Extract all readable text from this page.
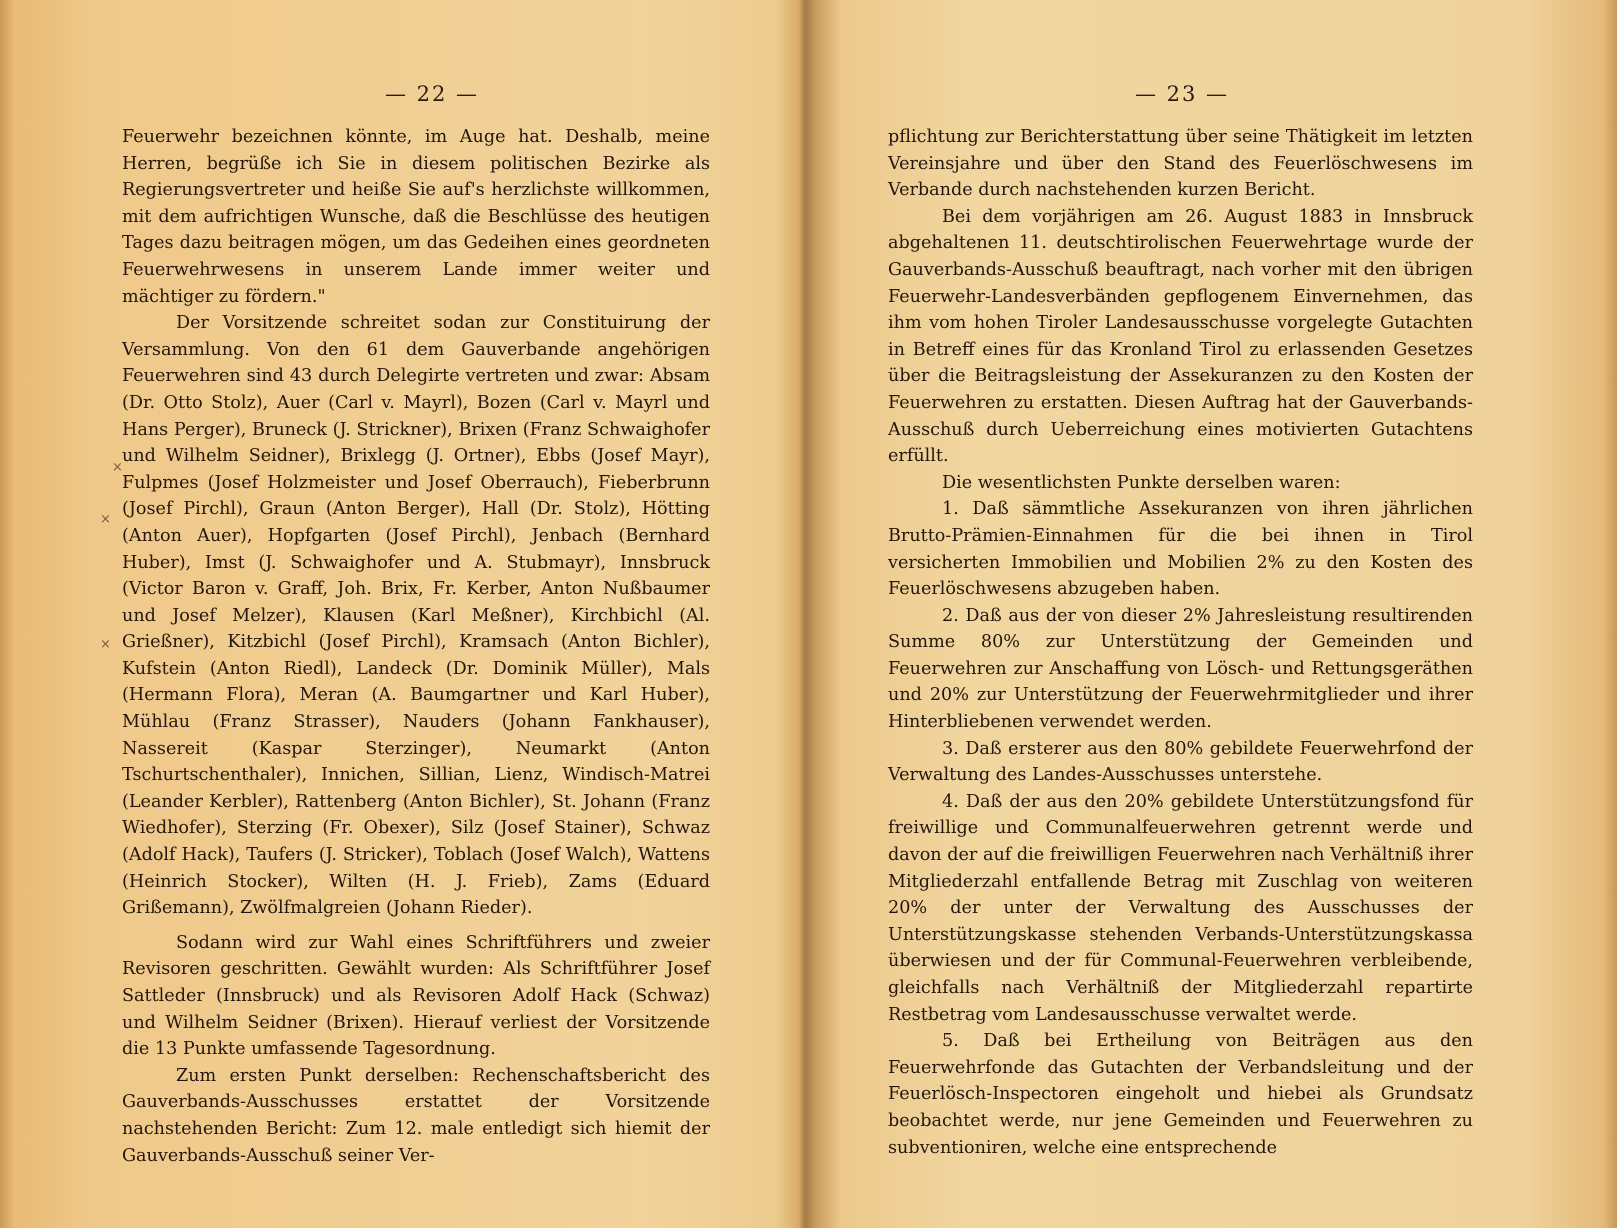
— 22 —

Feuerwehr bezeichnen könnte, im Auge hat. Deshalb, meine Herren, begrüße ich Sie in diesem politischen Bezirke als Regierungsvertreter und heiße Sie auf's herzlichste willkommen, mit dem aufrichtigen Wunsche, daß die Beschlüsse des heutigen Tages dazu beitragen mögen, um das Gedeihen eines geordneten Feuerwehrwesens in unserem Lande immer weiter und mächtiger zu fördern."

Der Vorsitzende schreitet sodan zur Constituirung der Versammlung. Von den 61 dem Gauverbande angehörigen Feuerwehren sind 43 durch Delegirte vertreten und zwar: Absam (Dr. Otto Stolz), Auer (Carl v. Mayrl), Bozen (Carl v. Mayrl und Hans Perger), Bruneck (J. Strickner), Brixen (Franz Schwaighofer und Wilhelm Seidner), Brixlegg (J. Ortner), Ebbs (Josef Mayr), Fulpmes (Josef Holzmeister und Josef Oberrauch), Fieberbrunn (Josef Pirchl), Graun (Anton Berger), Hall (Dr. Stolz), Hötting (Anton Auer), Hopfgarten (Josef Pirchl), Jenbach (Bernhard Huber), Imst (J. Schwaighofer und A. Stubmayr), Innsbruck (Victor Baron v. Graff, Joh. Brix, Fr. Kerber, Anton Nußbaumer und Josef Melzer), Klausen (Karl Meßner), Kirchbichl (Al. Grießner), Kitzbichl (Josef Pirchl), Kramsach (Anton Bichler), Kufstein (Anton Riedl), Landeck (Dr. Dominik Müller), Mals (Hermann Flora), Meran (A. Baumgartner und Karl Huber), Mühlau (Franz Strasser), Nauders (Johann Fankhauser), Nassereit (Kaspar Sterzinger), Neumarkt (Anton Tschurtschenthaler), Innichen, Sillian, Lienz, Windisch-Matrei (Leander Kerbler), Rattenberg (Anton Bichler), St. Johann (Franz Wiedhofer), Sterzing (Fr. Obexer), Silz (Josef Stainer), Schwaz (Adolf Hack), Taufers (J. Stricker), Toblach (Josef Walch), Wattens (Heinrich Stocker), Wilten (H. J. Frieb), Zams (Eduard Grißemann), Zwölfmalgreien (Johann Rieder).

Sodann wird zur Wahl eines Schriftführers und zweier Revisoren geschritten. Gewählt wurden: Als Schriftführer Josef Sattleder (Innsbruck) und als Revisoren Adolf Hack (Schwaz) und Wilhelm Seidner (Brixen). Hierauf verliest der Vorsitzende die 13 Punkte umfassende Tagesordnung.

Zum ersten Punkt derselben: Rechenschaftsbericht des Gauverbands-Ausschusses erstattet der Vorsitzende nachstehenden Bericht: Zum 12. male entledigt sich hiemit der Gauverbands-Ausschuß seiner Ver-

×
×
×
— 23 —

pflichtung zur Berichterstattung über seine Thätigkeit im letzten Vereinsjahre und über den Stand des Feuerlöschwesens im Verbande durch nachstehenden kurzen Bericht.

Bei dem vorjährigen am 26. August 1883 in Innsbruck abgehaltenen 11. deutschtirolischen Feuerwehrtage wurde der Gauverbands-Ausschuß beauftragt, nach vorher mit den übrigen Feuerwehr-Landesverbänden gepflogenem Einvernehmen, das ihm vom hohen Tiroler Landesausschusse vorgelegte Gutachten in Betreff eines für das Kronland Tirol zu erlassenden Gesetzes über die Beitragsleistung der Assekuranzen zu den Kosten der Feuerwehren zu erstatten. Diesen Auftrag hat der Gauverbands-Ausschuß durch Ueberreichung eines motivierten Gutachtens erfüllt.

Die wesentlichsten Punkte derselben waren:

1. Daß sämmtliche Assekuranzen von ihren jährlichen Brutto-Prämien-Einnahmen für die bei ihnen in Tirol versicherten Immobilien und Mobilien 2% zu den Kosten des Feuerlöschwesens abzugeben haben.

2. Daß aus der von dieser 2% Jahresleistung resultirenden Summe 80% zur Unterstützung der Gemeinden und Feuerwehren zur Anschaffung von Lösch- und Rettungsgeräthen und 20% zur Unterstützung der Feuerwehrmitglieder und ihrer Hinterbliebenen verwendet werden.

3. Daß ersterer aus den 80% gebildete Feuerwehrfond der Verwaltung des Landes-Ausschusses unterstehe.

4. Daß der aus den 20% gebildete Unterstützungsfond für freiwillige und Communalfeuerwehren getrennt werde und davon der auf die freiwilligen Feuerwehren nach Verhältniß ihrer Mitgliederzahl entfallende Betrag mit Zuschlag von weiteren 20% der unter der Verwaltung des Ausschusses der Unterstützungskasse stehenden Verbands-Unterstützungskassa überwiesen und der für Communal-Feuerwehren verbleibende, gleichfalls nach Verhältniß der Mitgliederzahl repartirte Restbetrag vom Landesausschusse verwaltet werde.

5. Daß bei Ertheilung von Beiträgen aus den Feuerwehrfonde das Gutachten der Verbandsleitung und der Feuerlösch-Inspectoren eingeholt und hiebei als Grundsatz beobachtet werde, nur jene Gemeinden und Feuerwehren zu subventioniren, welche eine entsprechende
